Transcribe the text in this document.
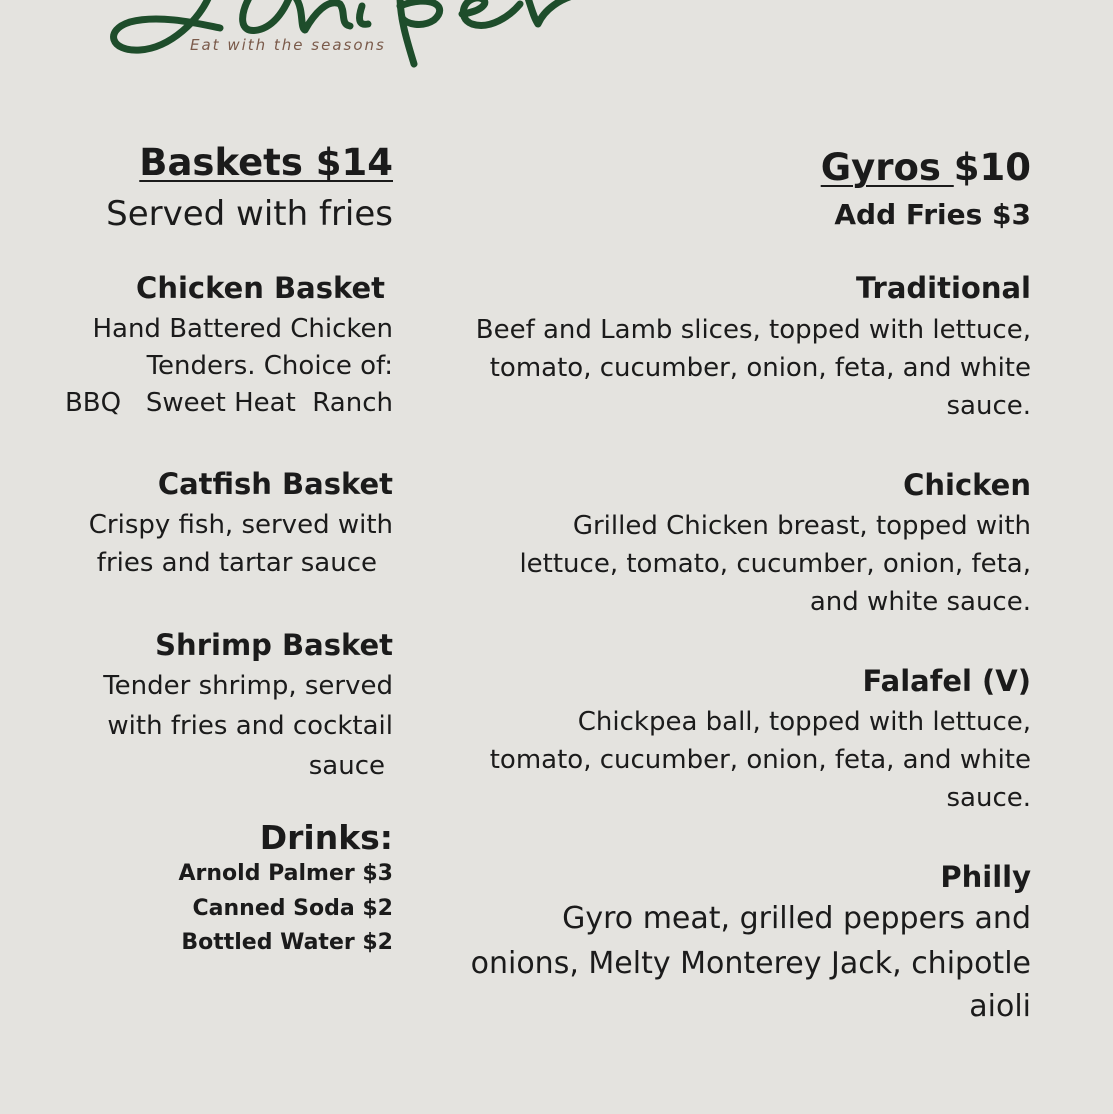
Eat with the seasons
Baskets $14
Served with fries
Chicken Basket
Hand Battered Chicken
Tenders. Choice of:
BBQ   Sweet Heat  Ranch
Catfish Basket
Crispy fish, served with
fries and tartar sauce
Shrimp Basket
Tender shrimp, served
with fries and cocktail
sauce
Drinks:
Arnold Palmer $3
Canned Soda $2
Bottled Water $2
Gyros $10
Add Fries $3
Traditional
Beef and Lamb slices, topped with lettuce,
tomato, cucumber, onion, feta, and white
sauce.
Chicken
Grilled Chicken breast, topped with
lettuce, tomato, cucumber, onion, feta,
and white sauce.
Falafel (V)
Chickpea ball, topped with lettuce,
tomato, cucumber, onion, feta, and white
sauce.
Philly
Gyro meat, grilled peppers and
onions, Melty Monterey Jack, chipotle
aioli
